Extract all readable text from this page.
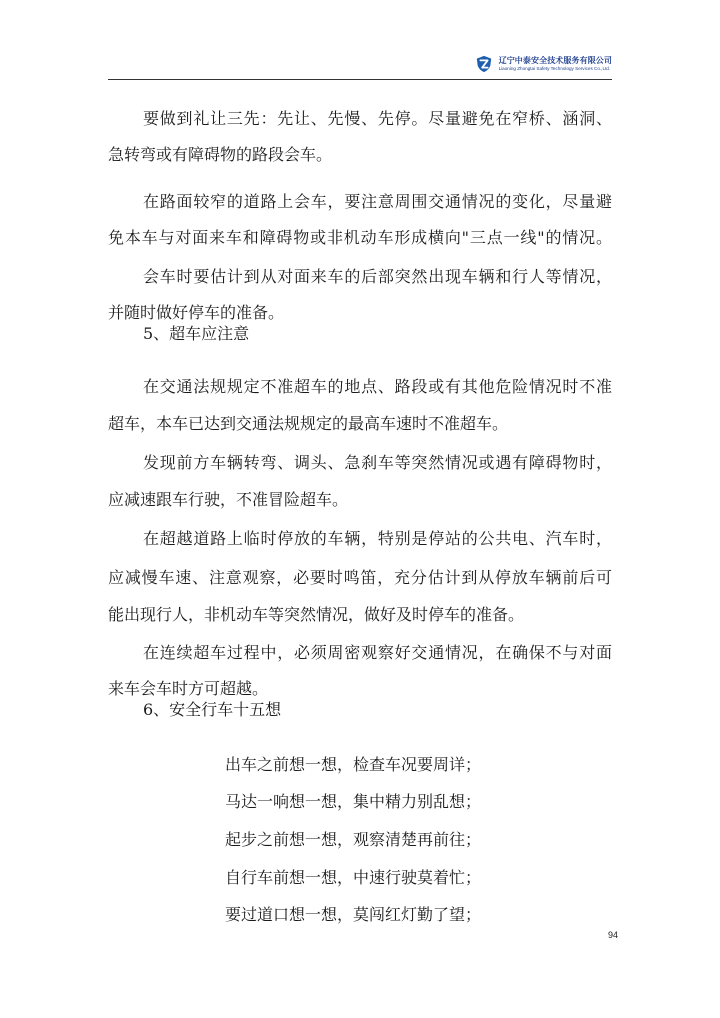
辽宁中泰安全技术服务有限公司
Liaoning Zhongtai Safety Technology Services Co.,Ltd.

要做到礼让三先：先让、先慢、先停。尽量避免在窄桥、涵洞、

急转弯或有障碍物的路段会车。

在路面较窄的道路上会车，要注意周围交通情况的变化，尽量避

免本车与对面来车和障碍物或非机动车形成横向"三点一线"的情况。

会车时要估计到从对面来车的后部突然出现车辆和行人等情况，

并随时做好停车的准备。

5、超车应注意

在交通法规规定不准超车的地点、路段或有其他危险情况时不准

超车，本车已达到交通法规规定的最高车速时不准超车。

发现前方车辆转弯、调头、急刹车等突然情况或遇有障碍物时，

应减速跟车行驶，不准冒险超车。

在超越道路上临时停放的车辆，特别是停站的公共电、汽车时，

应减慢车速、注意观察，必要时鸣笛，充分估计到从停放车辆前后可

能出现行人，非机动车等突然情况，做好及时停车的准备。

在连续超车过程中，必须周密观察好交通情况，在确保不与对面

来车会车时方可超越。

6、安全行车十五想

出车之前想一想，检查车况要周详；

马达一响想一想，集中精力别乱想；

起步之前想一想，观察清楚再前往；

自行车前想一想，中速行驶莫着忙；

要过道口想一想，莫闯红灯勤了望；

94
